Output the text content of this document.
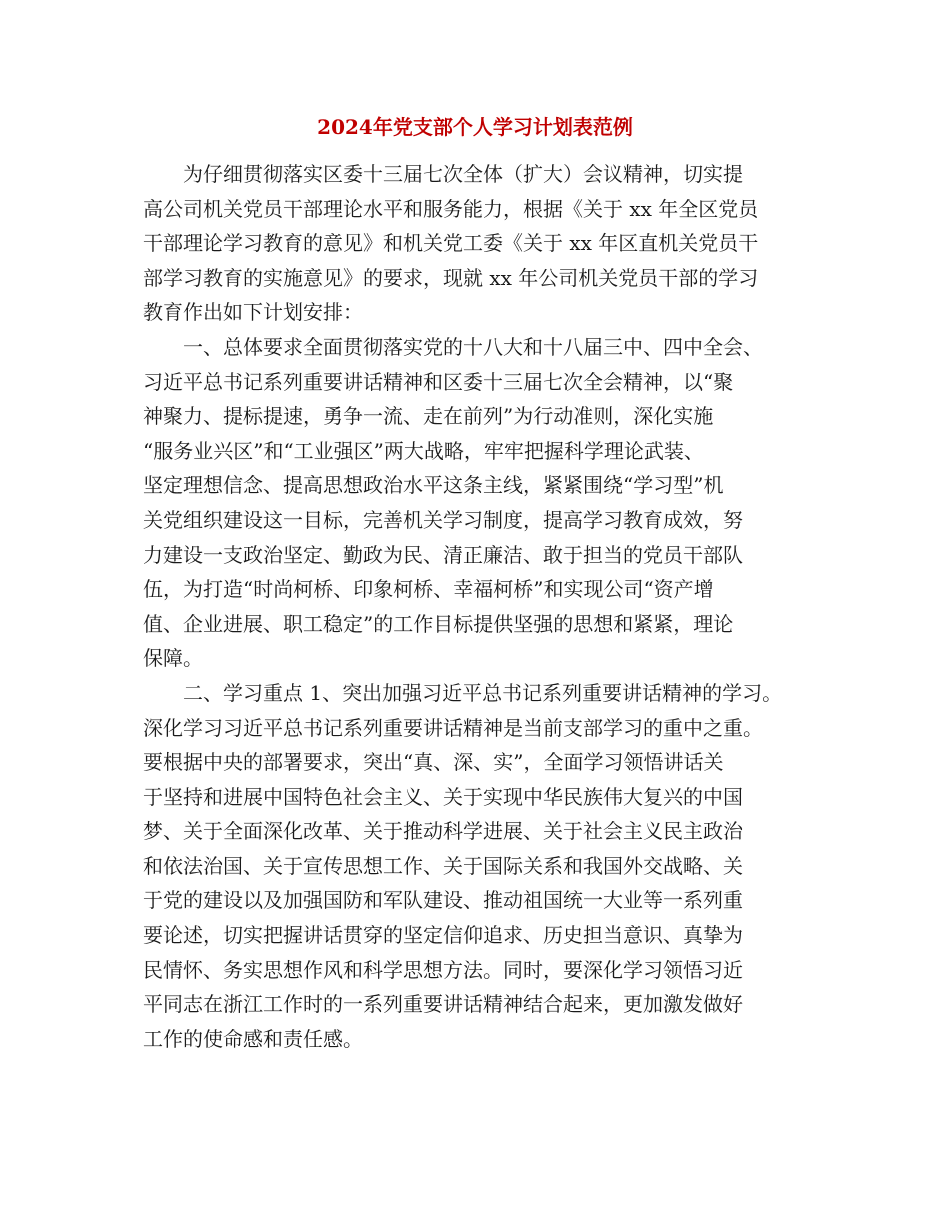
2024年党支部个人学习计划表范例

为仔细贯彻落实区委十三届七次全体（扩大）会议精神，切实提
高公司机关党员干部理论水平和服务能力，根据《关于 xx 年全区党员
干部理论学习教育的意见》和机关党工委《关于 xx 年区直机关党员干
部学习教育的实施意见》的要求，现就 xx 年公司机关党员干部的学习
教育作出如下计划安排：

一、总体要求全面贯彻落实党的十八大和十八届三中、四中全会、
习近平总书记系列重要讲话精神和区委十三届七次全会精神，以“聚
神聚力、提标提速，勇争一流、走在前列”为行动准则，深化实施
“服务业兴区”和“工业强区”两大战略，牢牢把握科学理论武装、
坚定理想信念、提高思想政治水平这条主线，紧紧围绕“学习型”机
关党组织建设这一目标，完善机关学习制度，提高学习教育成效，努
力建设一支政治坚定、勤政为民、清正廉洁、敢于担当的党员干部队
伍，为打造“时尚柯桥、印象柯桥、幸福柯桥”和实现公司“资产增
值、企业进展、职工稳定”的工作目标提供坚强的思想和紧紧，理论
保障。

二、学习重点 1、突出加强习近平总书记系列重要讲话精神的学习。
深化学习习近平总书记系列重要讲话精神是当前支部学习的重中之重。
要根据中央的部署要求，突出“真、深、实”，全面学习领悟讲话关
于坚持和进展中国特色社会主义、关于实现中华民族伟大复兴的中国
梦、关于全面深化改革、关于推动科学进展、关于社会主义民主政治
和依法治国、关于宣传思想工作、关于国际关系和我国外交战略、关
于党的建设以及加强国防和军队建设、推动祖国统一大业等一系列重
要论述，切实把握讲话贯穿的坚定信仰追求、历史担当意识、真挚为
民情怀、务实思想作风和科学思想方法。同时，要深化学习领悟习近
平同志在浙江工作时的一系列重要讲话精神结合起来，更加激发做好
工作的使命感和责任感。
